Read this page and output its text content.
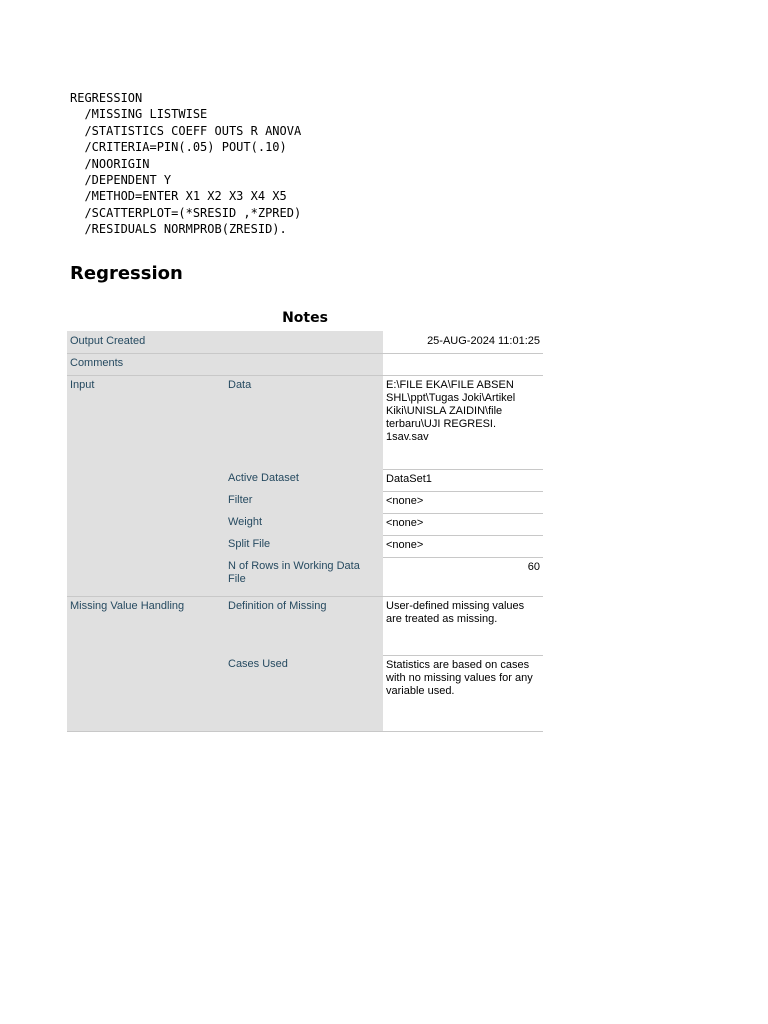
REGRESSION
/MISSING LISTWISE
/STATISTICS COEFF OUTS R ANOVA
/CRITERIA=PIN(.05) POUT(.10)
/NOORIGIN
/DEPENDENT Y
/METHOD=ENTER X1 X2 X3 X4 X5
/SCATTERPLOT=(*SRESID ,*ZPRED)
/RESIDUALS NORMPROB(ZRESID).
Regression
Notes
Output Created		25-AUG-2024 11:01:25
Comments		
Input	Data	E:\FILE EKA\FILE ABSEN SHL\ppt\Tugas Joki\Artikel Kiki\UNISLA ZAIDIN\file terbaru\UJI REGRESI. 1sav.sav
	Active Dataset	DataSet1
	Filter	<none>
	Weight	<none>
	Split File	<none>
	N of Rows in Working Data File	60
Missing Value Handling	Definition of Missing	User-defined missing values are treated as missing.
	Cases Used	Statistics are based on cases with no missing values for any variable used.
